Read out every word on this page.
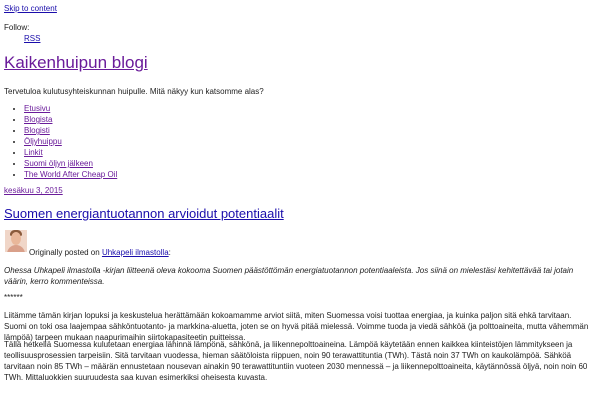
Skip to content
Follow:
RSS
Kaikenhuipun blogi
Tervetuloa kulutusyhteiskunnan huipulle. Mitä näkyy kun katsomme alas?
• Etusivu
• Blogista
• Blogisti
• Öljyhuippu
• Linkit
• Suomi öljyn jälkeen
• The World After Cheap Oil
kesäkuu 3, 2015
Suomen energiantuotannon arvioidut potentiaalit
Originally posted on Uhkapeli ilmastolla:

Ohessa Uhkapeli ilmastolla -kirjan liitteenä oleva kokooma Suomen päästöttömän energiatuotannon potentiaaleista. Jos siinä on mielestäsi kehitettävää tai jotain väärin, kerro kommenteissa.

******

Liitämme tämän kirjan lopuksi ja keskustelua herättämään kokoamamme arviot siitä, miten Suomessa voisi tuottaa energiaa, ja kuinka paljon sitä ehkä tarvitaan. Suomi on toki osa laajempaa sähköntuotanto- ja markkina-aluetta, joten se on hyvä pitää mielessä. Voimme tuoda ja viedä sähköä (ja polttoaineita, mutta vähemmän lämpöä) tarpeen mukaan naapurimaihin siirtokapasiteetin puitteissa.

Tällä hetkellä Suomessa kulutetaan energiaa lähinnä lämpönä, sähkönä, ja liikennepolttoaineina. Lämpöä käytetään ennen kaikkea kiinteistöjen lämmitykseen ja teollisuusprosessien tarpeisiin. Sitä tarvitaan vuodessa, hieman säätöloista riippuen, noin 90 terawattituntia (TWh). Tästä noin 37 TWh on kaukolämpöä. Sähköä tarvitaan noin 85 TWh – määrän ennustetaan nousevan ainakin 90 terawattituntiin vuoteen 2030 mennessä – ja liikennepolttoaineita, käytännössä öljyä, noin noin 60 TWh. Mittaluokkien suuruudesta saa kuvan esimerkiksi oheisesta kuvasta.
